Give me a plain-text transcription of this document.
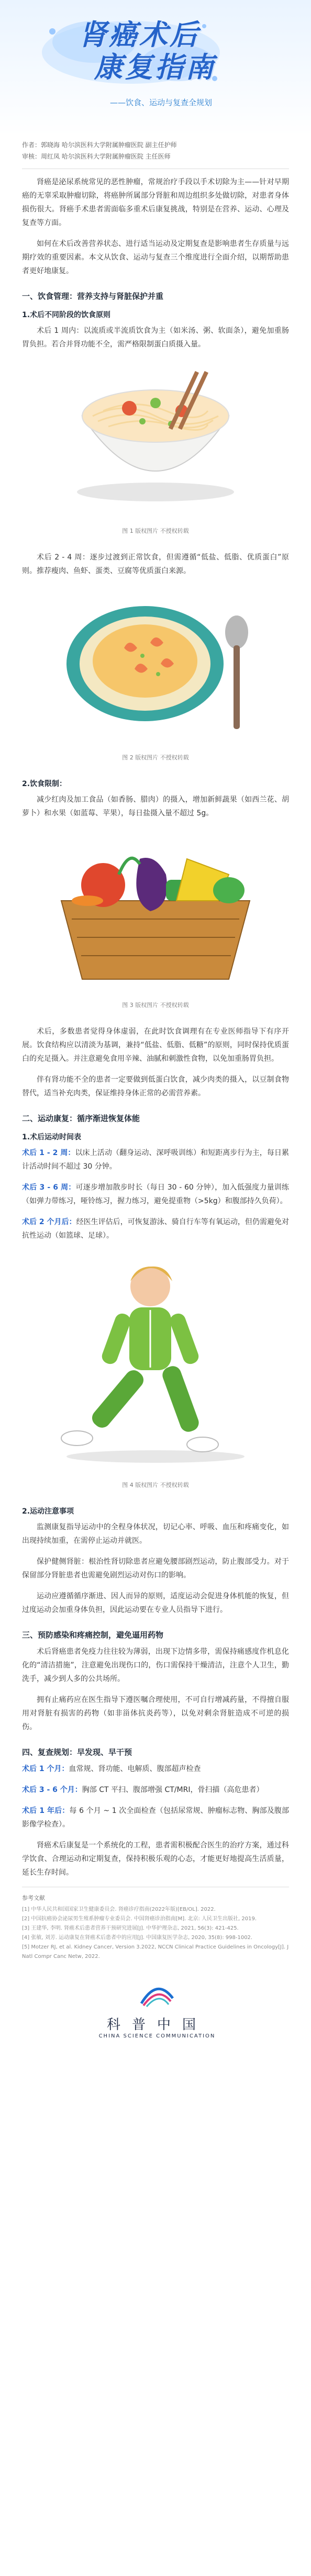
肾癌术后
康复指南
——饮食、运动与复查全规划
作者：郭晓海 哈尔滨医科大学附属肿瘤医院 副主任护师
审核：周红凤 哈尔滨医科大学附属肿瘤医院 主任医师

肾癌是泌尿系统常见的恶性肿瘤，常规治疗手段以手术切除为主——针对早期癌的无辜采取肿瘤切除，将癌肿所属部分肾脏和周边组织多处做切除，对患者身体损伤很大。肾癌手术患者需面临多重术后康复挑战，特别是在营养、运动、心理及复查等方面。

如何在术后改善营养状态、进行适当运动及定期复查是影响患者生存质量与远期疗效的重要因素。本文从饮食、运动与复查三个维度进行全面介绍，以期帮助患者更好地康复。

一、饮食管理：营养支持与肾脏保护并重
1.术后不同阶段的饮食原则

术后 1 周内：以流质或半流质饮食为主（如米汤、粥、软面条），避免加重肠胃负担。若合并肾功能不全，需严格限制蛋白质摄入量。

图 1 版权图片 不授权转载

术后 2 - 4 周：逐步过渡到正常饮食，但需遵循“低盐、低脂、优质蛋白”原则。推荐瘦肉、鱼虾、蛋类、豆腐等优质蛋白来源。

图 2 版权图片 不授权转载
2.饮食限制：

减少红肉及加工食品（如香肠、腊肉）的摄入，增加新鲜蔬果（如西兰花、胡萝卜）和水果（如蓝莓、苹果），每日盐摄入量不超过 5g。

图 3 版权图片 不授权转载

术后，多数患者觉得身体虚弱，在此时饮食调理有在专业医师指导下有序开展。饮食结构应以清淡为基调，兼持“低盐、低脂、低糖”的原则，同时保持优质蛋白的充足摄入。并注意避免食用辛辣、油腻和刺激性食物，以免加重肠胃负担。

伴有肾功能不全的患者一定要做到低蛋白饮食，减少肉类的摄入，以豆制食物替代，适当补充肉类，保证维持身体正常的必需营养素。

二、运动康复：循序渐进恢复体能
1.术后运动时间表

术后 1 - 2 周：以床上活动（翻身运动、深呼吸训练）和短距离步行为主，每日累计活动时间不超过 30 分钟。

术后 3 - 6 周：可逐步增加散步时长（每日 30 - 60 分钟），加入低强度力量训练（如弹力带练习，哑铃练习，握力练习，避免提重物（>5kg）和腹部持久负荷）。

术后 2 个月后：经医生评估后，可恢复游泳、骑自行车等有氧运动，但仍需避免对抗性运动（如篮球、足球）。

图 4 版权图片 不授权转载
2.运动注意事项

监测康复指导运动中的全程身体状况，切记心率、呼吸、血压和疼痛变化，如出现持续加重，在需停止运动并就医。

保护健侧肾脏：根治性肾切除患者应避免腰部剧烈运动，防止腹部受力。对于保留部分肾脏患者也需避免剧烈运动对伤口的影响。

运动应遵循循序渐进、因人而异的原则，适度运动会促进身体机能的恢复，但过度运动会加重身体负担，因此运动要在专业人员指导下进行。

三、预防感染和疼痛控制，避免逼用药物

术后肾癌患者免疫力往往较为薄弱，出现下边情多带，需保持痛感度作机息化化的“清洁措施”，注意避免出现伤口的，伤口需保持干燥清洁，注意个人卫生，勤洗手，减少到人多的公共场所。

拥有止痛药应在医生指导下遵医嘱合理使用，不可自行增减药量，不得擅自服用对肾脏有损害的药物（如非甾体抗炎药等），以免对剩余肾脏造成不可逆的损伤。

四、复查规划：早发现、早干预

术后 1 个月：血常规、肾功能、电解质、腹部超声检查

术后 3 - 6 个月：胸部 CT 平扫、腹部增强 CT/MRI，骨扫描（高危患者）

术后 1 年后：每 6 个月 ~ 1 次全面检查（包括尿常规、肿瘤标志物、胸部及腹部影像学检查）。

肾癌术后康复是一个系统化的工程，患者需积极配合医生的治疗方案，通过科学饮食、合理运动和定期复查，保持积极乐观的心态，才能更好地提高生活质量，延长生存时间。

参考文献
[1] 中华人民共和国国家卫生健康委员会. 肾癌诊疗指南(2022年版)[EB/OL]. 2022.
[2] 中国抗癌协会泌尿男生殖系肿瘤专业委员会. 中国肾癌诊治指南[M]. 北京: 人民卫生出版社, 2019.
[3] 王建华, 李明. 肾癌术后患者营养干预研究进展[J]. 中华护理杂志, 2021, 56(3): 421-425.
[4] 张敏, 刘芳. 运动康复在肾癌术后患者中的应用[J]. 中国康复医学杂志, 2020, 35(8): 998-1002.
[5] Motzer RJ, et al. Kidney Cancer, Version 3.2022, NCCN Clinical Practice Guidelines in Oncology[J]. J Natl Compr Canc Netw, 2022.
科普中国
CHINA SCIENCE COMMUNICATION
